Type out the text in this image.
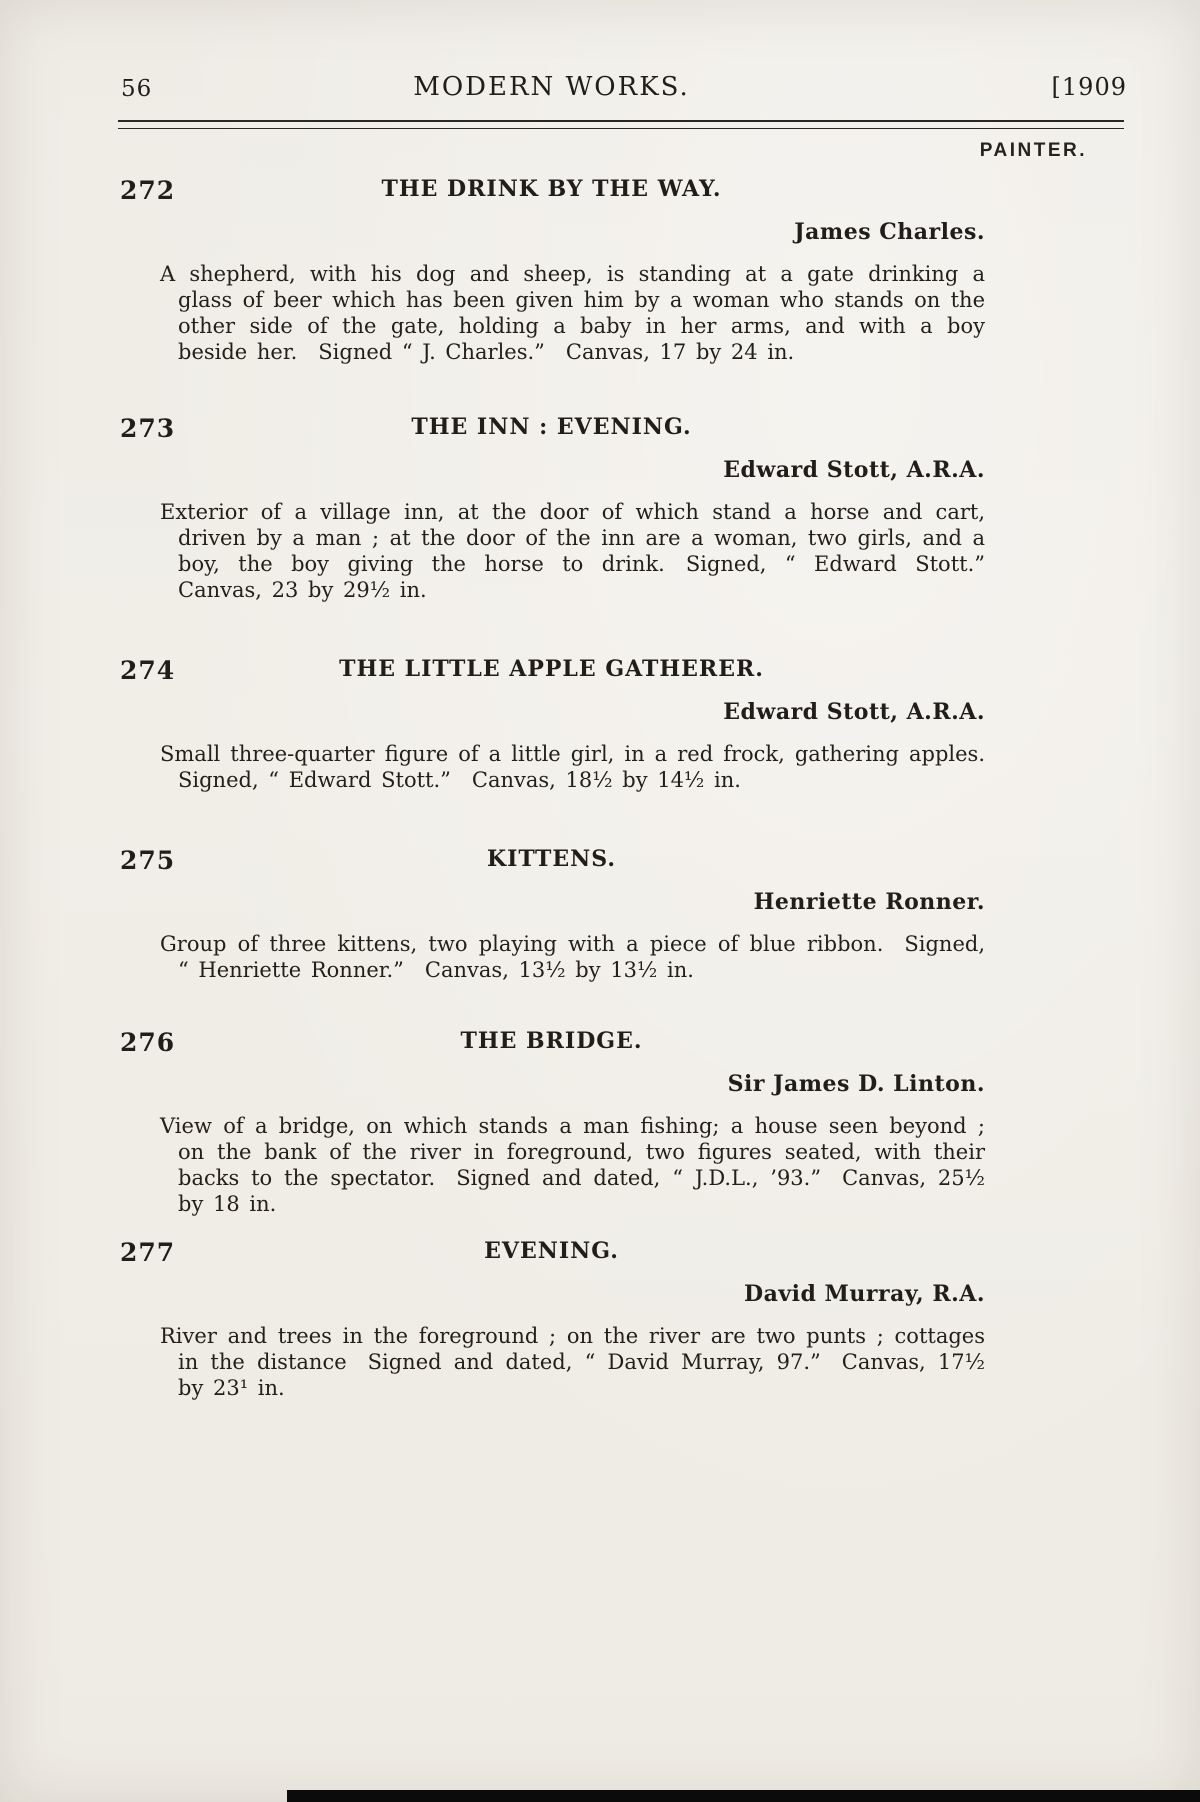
56	MODERN WORKS.	[1909
PAINTER.
272	THE DRINK BY THE WAY.
James Charles.

A shepherd, with his dog and sheep, is standing at a gate drinking a glass of beer which has been given him by a woman who stands on the other side of the gate, holding a baby in her arms, and with a boy beside her. Signed “ J. Charles.” Canvas, 17 by 24 in.

273	THE INN : EVENING.
Edward Stott, A.R.A.

Exterior of a village inn, at the door of which stand a horse and cart, driven by a man ; at the door of the inn are a woman, two girls, and a boy, the boy giving the horse to drink. Signed, “ Edward Stott.” Canvas, 23 by 29½ in.

274	THE LITTLE APPLE GATHERER.
Edward Stott, A.R.A.

Small three-quarter figure of a little girl, in a red frock, gathering apples. Signed, “ Edward Stott.” Canvas, 18½ by 14½ in.

275	KITTENS.
Henriette Ronner.

Group of three kittens, two playing with a piece of blue ribbon. Signed, “ Henriette Ronner.” Canvas, 13½ by 13½ in.

276	THE BRIDGE.
Sir James D. Linton.

View of a bridge, on which stands a man fishing; a house seen beyond ; on the bank of the river in foreground, two figures seated, with their backs to the spectator. Signed and dated, “ J.D.L., ’93.” Canvas, 25½ by 18 in.

277	EVENING.
David Murray, R.A.

River and trees in the foreground ; on the river are two punts ; cottages in the distance Signed and dated, “ David Murray, 97.” Canvas, 17½ by 23¹ in.
